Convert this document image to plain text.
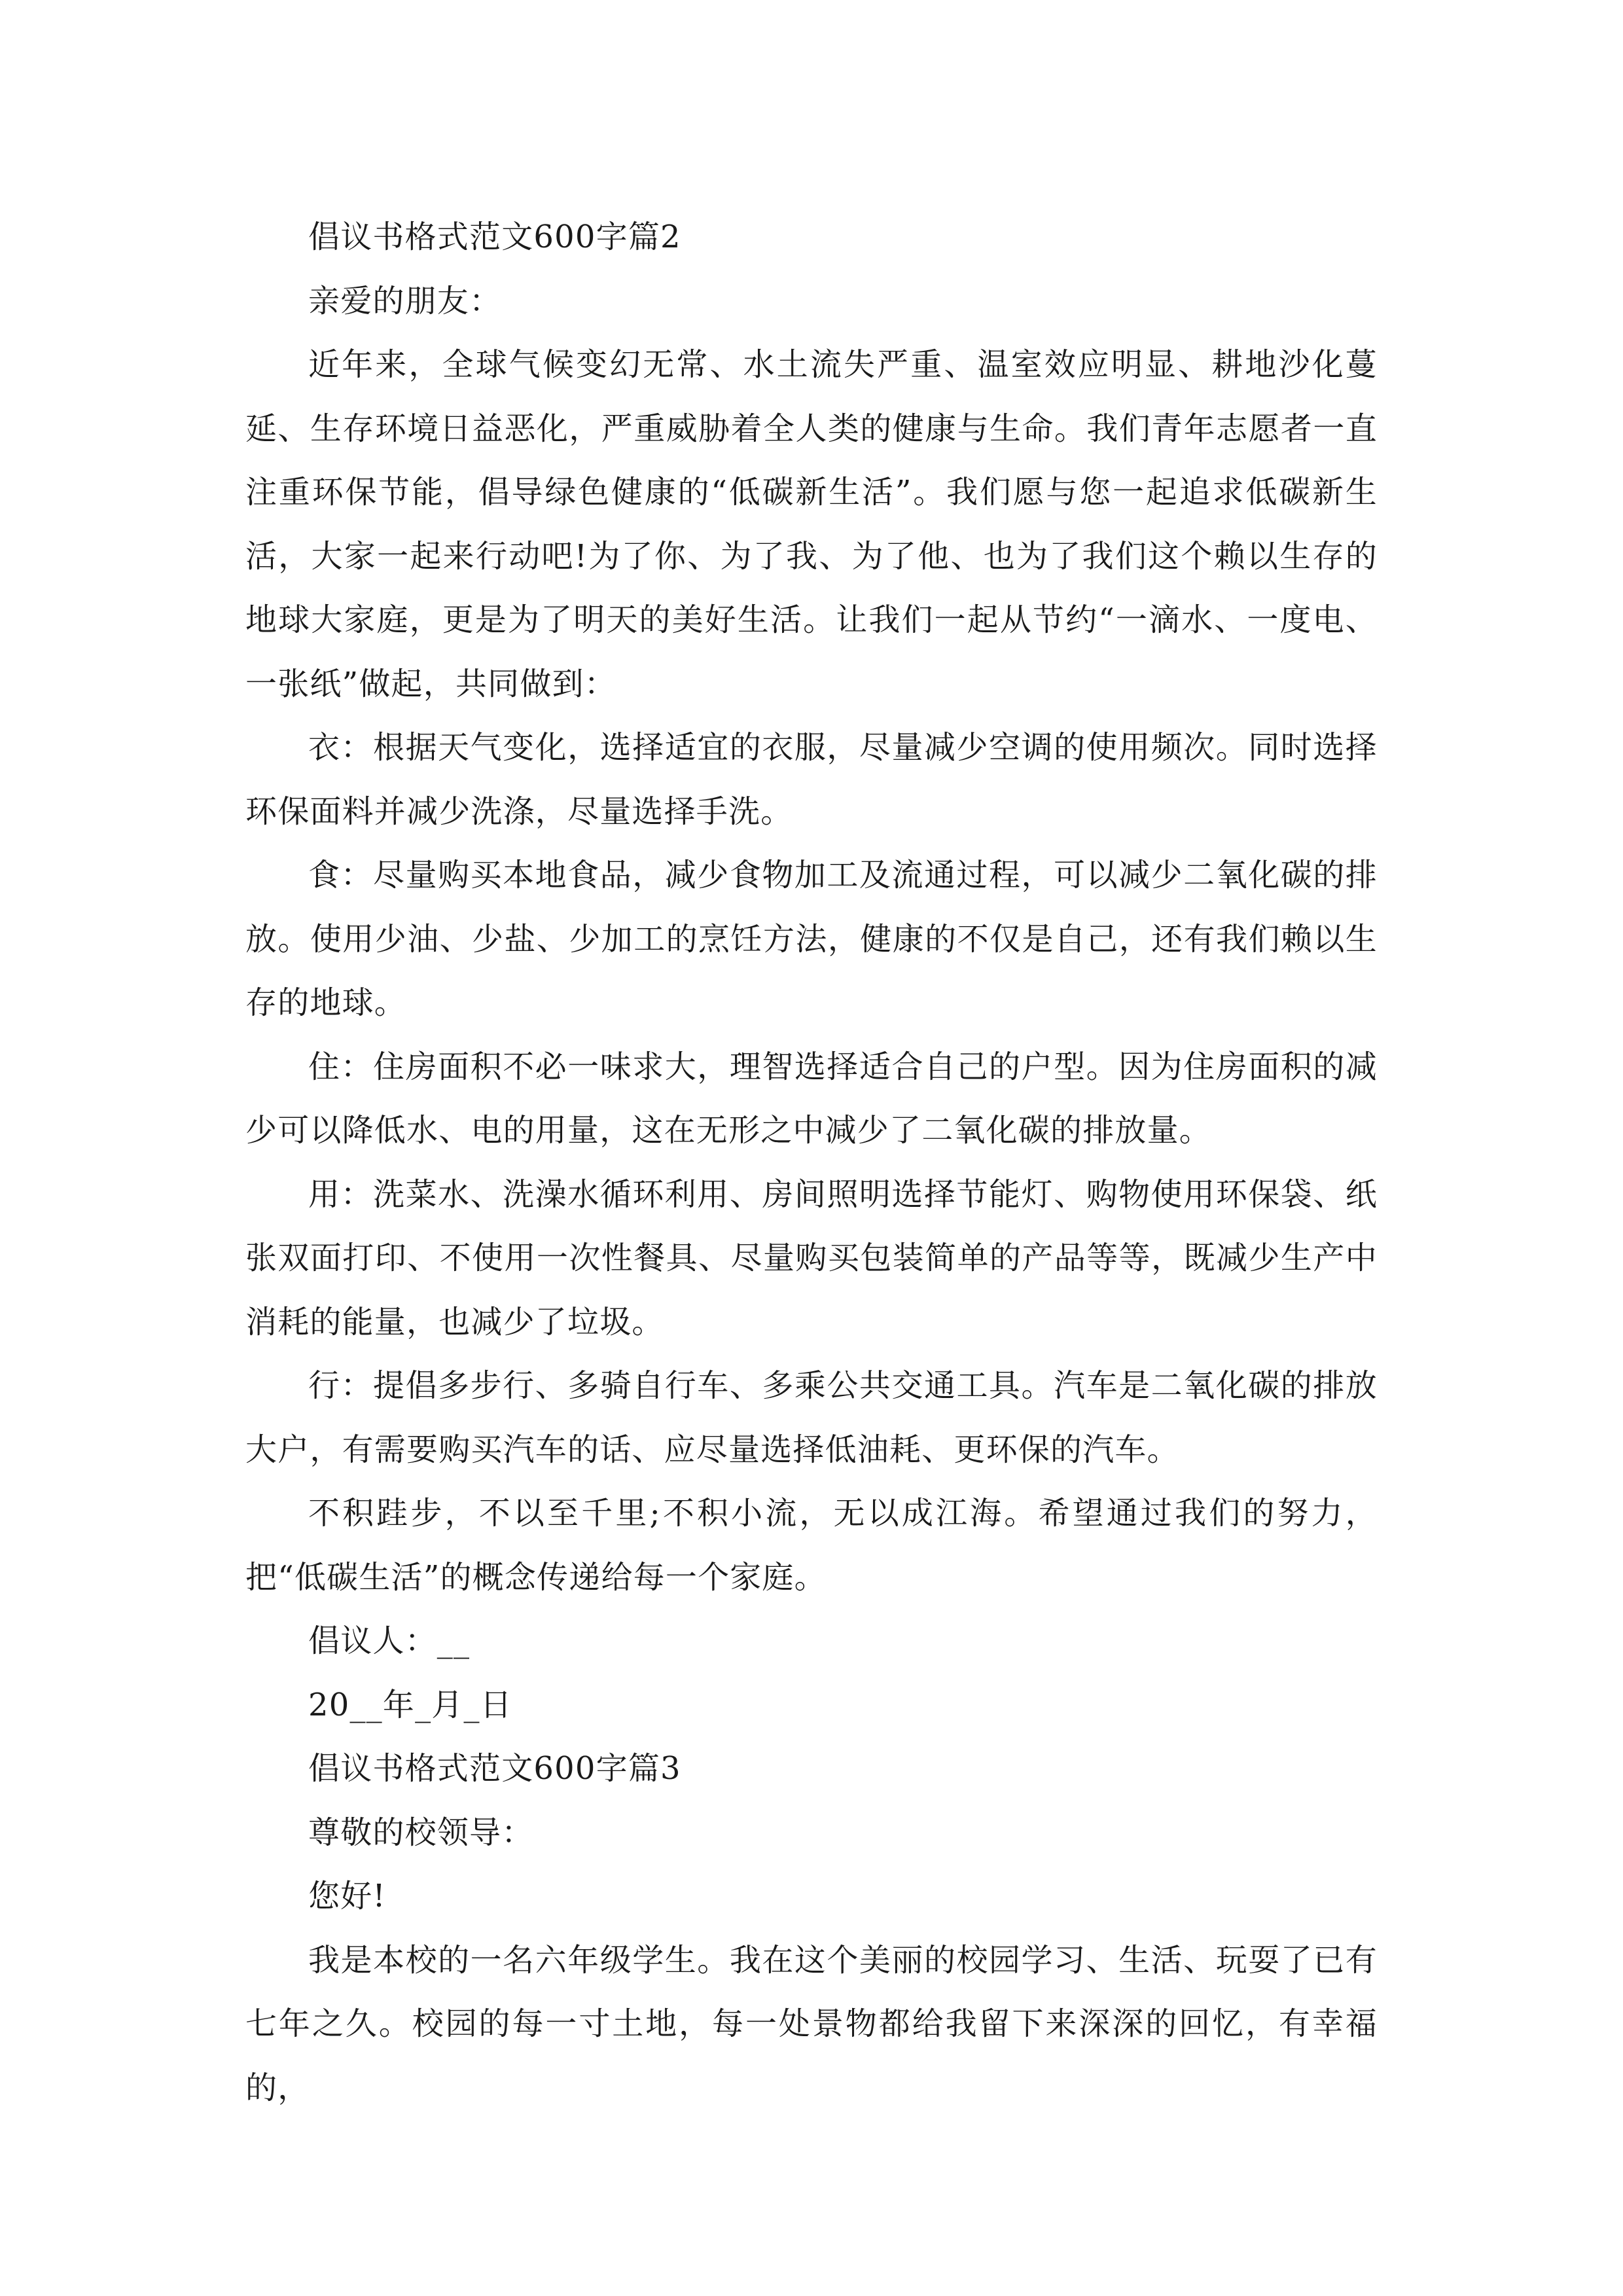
倡议书格式范文600字篇2

亲爱的朋友：

近年来，全球气候变幻无常、水土流失严重、温室效应明显、耕地沙化蔓延、生存环境日益恶化，严重威胁着全人类的健康与生命。我们青年志愿者一直注重环保节能，倡导绿色健康的“低碳新生活”。我们愿与您一起追求低碳新生活，大家一起来行动吧!为了你、为了我、为了他、也为了我们这个赖以生存的地球大家庭，更是为了明天的美好生活。让我们一起从节约“一滴水、一度电、一张纸”做起，共同做到：

衣：根据天气变化，选择适宜的衣服，尽量减少空调的使用频次。同时选择环保面料并减少洗涤，尽量选择手洗。

食：尽量购买本地食品，减少食物加工及流通过程，可以减少二氧化碳的排放。使用少油、少盐、少加工的烹饪方法，健康的不仅是自己，还有我们赖以生存的地球。

住：住房面积不必一味求大，理智选择适合自己的户型。因为住房面积的减少可以降低水、电的用量，这在无形之中减少了二氧化碳的排放量。

用：洗菜水、洗澡水循环利用、房间照明选择节能灯、购物使用环保袋、纸张双面打印、不使用一次性餐具、尽量购买包装简单的产品等等，既减少生产中消耗的能量，也减少了垃圾。

行：提倡多步行、多骑自行车、多乘公共交通工具。汽车是二氧化碳的排放大户，有需要购买汽车的话、应尽量选择低油耗、更环保的汽车。

不积跬步，不以至千里;不积小流，无以成江海。希望通过我们的努力，把“低碳生活”的概念传递给每一个家庭。

倡议人：__

20__年_月_日

倡议书格式范文600字篇3

尊敬的校领导：

您好!

我是本校的一名六年级学生。我在这个美丽的校园学习、生活、玩耍了已有七年之久。校园的每一寸土地，每一处景物都给我留下来深深的回忆，有幸福的，
